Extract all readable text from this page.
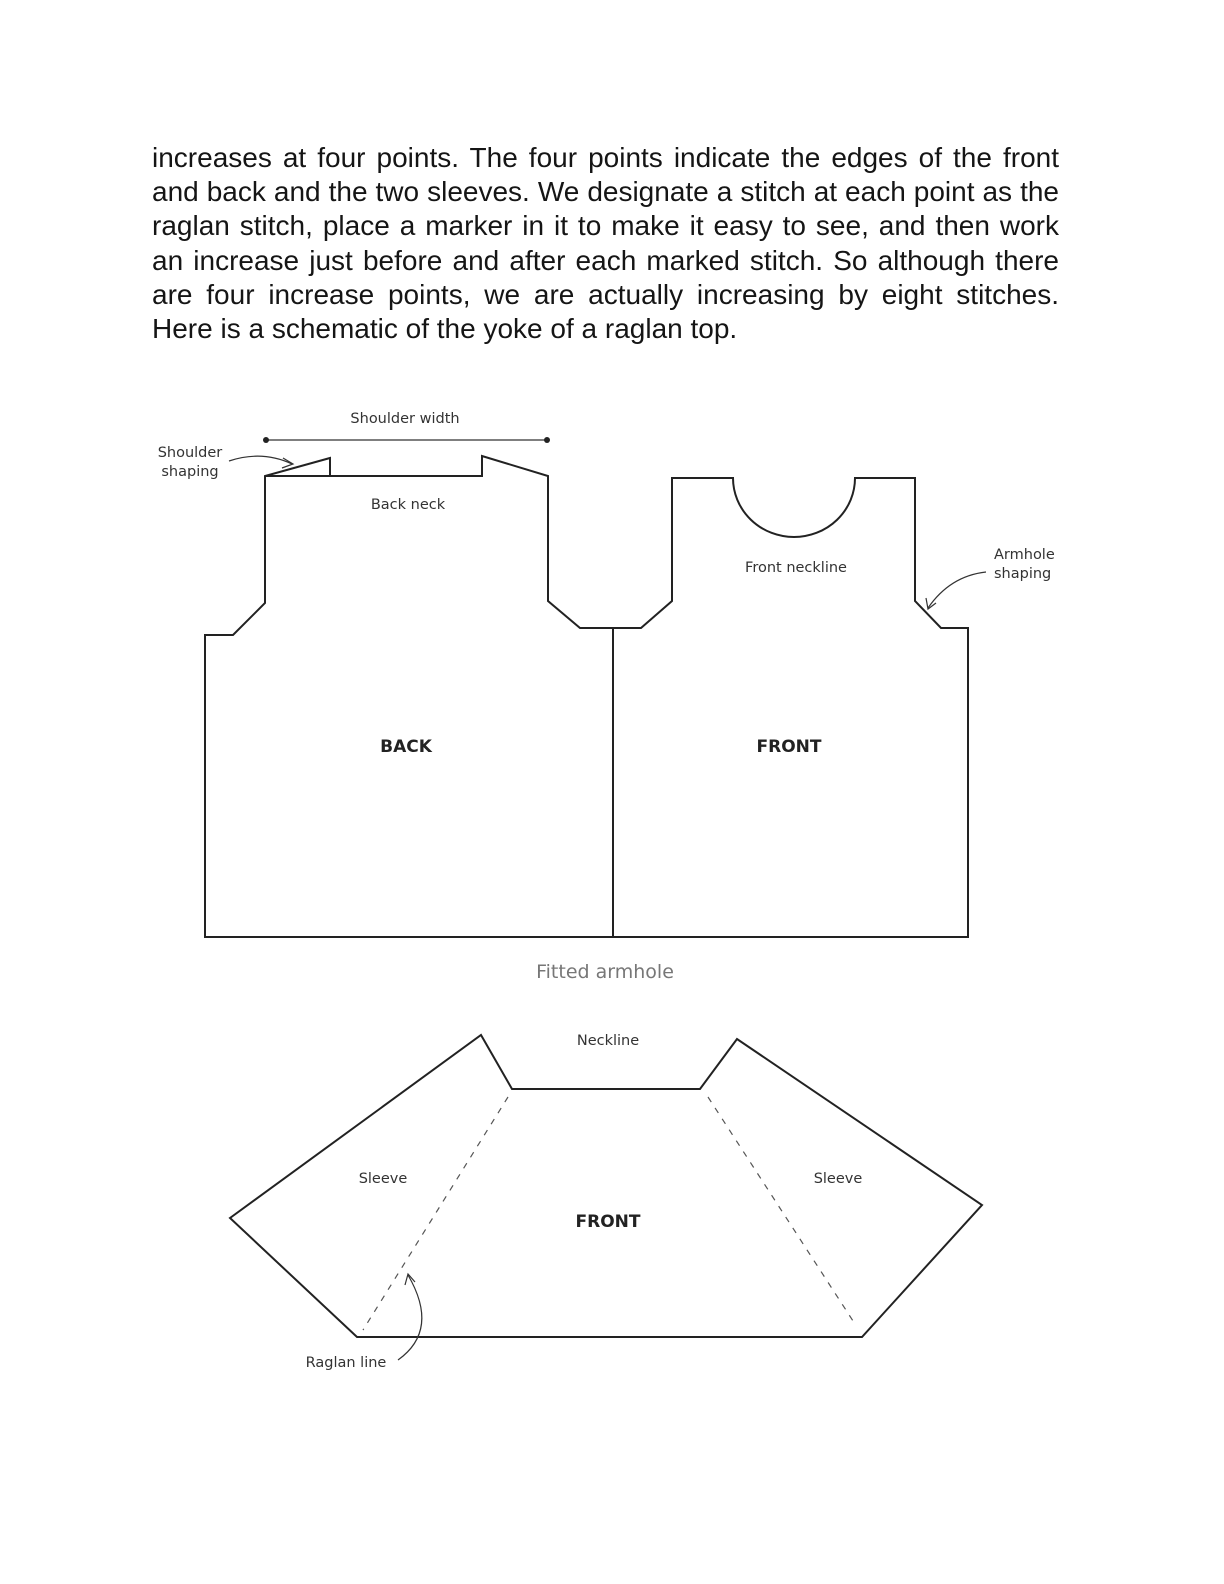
increases at four points. The four points indicate the edges of the front and back and the two sleeves. We designate a stitch at each point as the raglan stitch, place a marker in it to make it easy to see, and then work an increase just before and after each marked stitch. So although there are four increase points, we are actually increasing by eight stitches. Here is a schematic of the yoke of a raglan top.

Shoulder width
Shoulder
shaping
Back neck
Front neckline
Armhole
shaping
BACK	FRONT
Fitted armhole
Neckline
Sleeve	Sleeve
FRONT
Raglan line
